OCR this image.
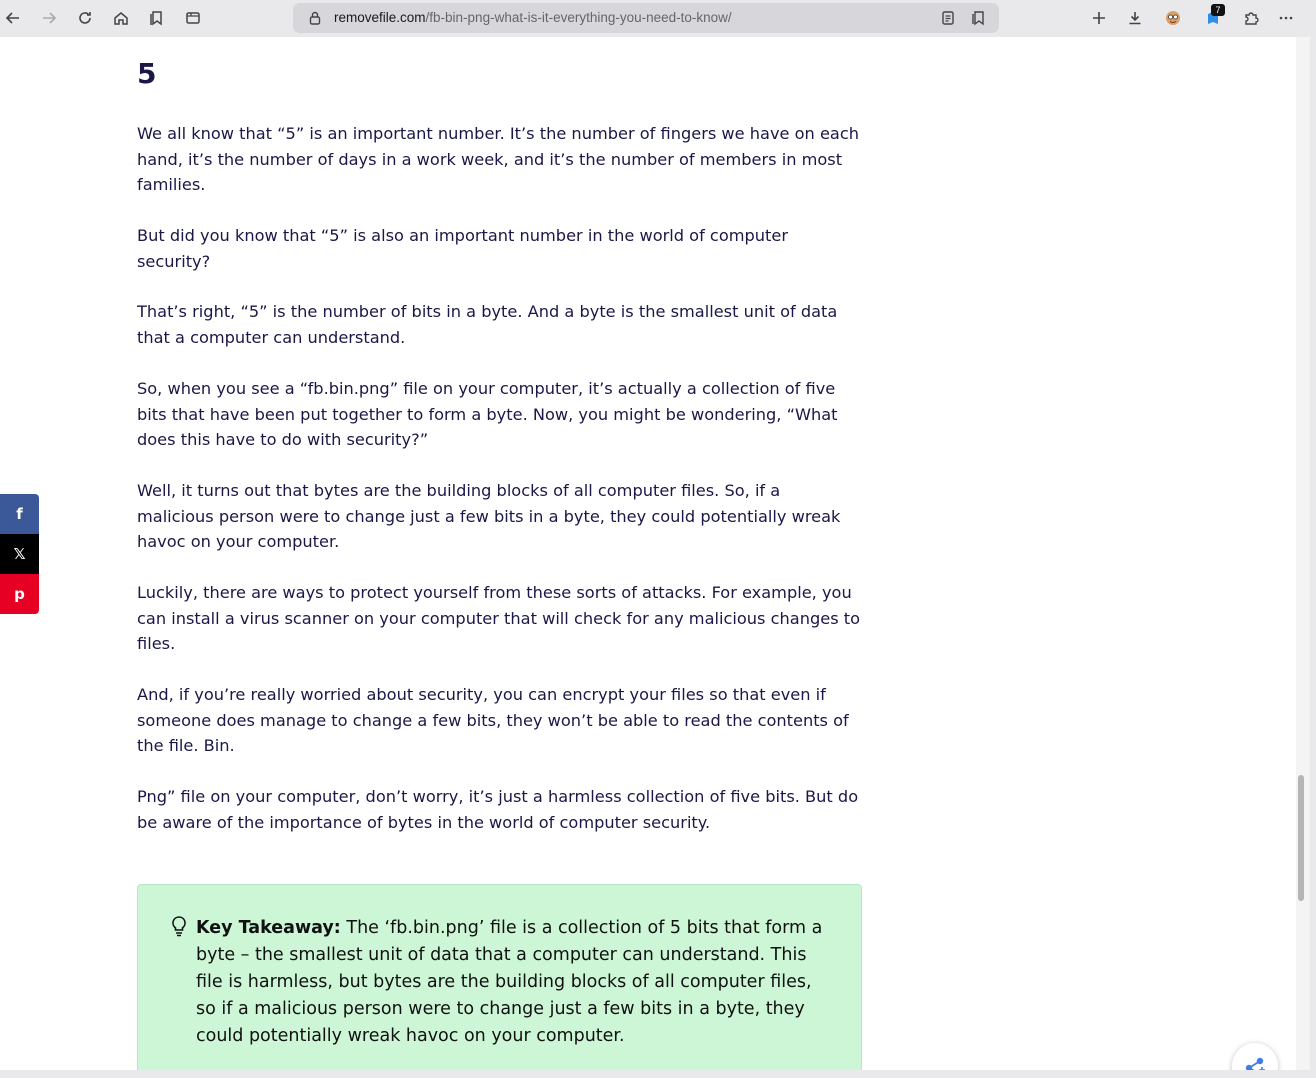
removefile.com/fb-bin-png-what-is-it-everything-you-need-to-know/	7
5

We all know that “5” is an important number. It’s the number of fingers we have on each hand, it’s the number of days in a work week, and it’s the number of members in most families.

But did you know that “5” is also an important number in the world of computer security?

That’s right, “5” is the number of bits in a byte. And a byte is the smallest unit of data that a computer can understand.

So, when you see a “fb.bin.png” file on your computer, it’s actually a collection of five bits that have been put together to form a byte. Now, you might be wondering, “What does this have to do with security?”

Well, it turns out that bytes are the building blocks of all computer files. So, if a malicious person were to change just a few bits in a byte, they could potentially wreak havoc on your computer.

Luckily, there are ways to protect yourself from these sorts of attacks. For example, you can install a virus scanner on your computer that will check for any malicious changes to files.

And, if you’re really worried about security, you can encrypt your files so that even if someone does manage to change a few bits, they won’t be able to read the contents of the file. Bin.

Png” file on your computer, don’t worry, it’s just a harmless collection of five bits. But do be aware of the importance of bytes in the world of computer security.

Key Takeaway: The ‘fb.bin.png’ file is a collection of 5 bits that form a byte – the smallest unit of data that a computer can understand. This file is harmless, but bytes are the building blocks of all computer files, so if a malicious person were to change just a few bits in a byte, they could potentially wreak havoc on your computer.

f
𝕏
p
